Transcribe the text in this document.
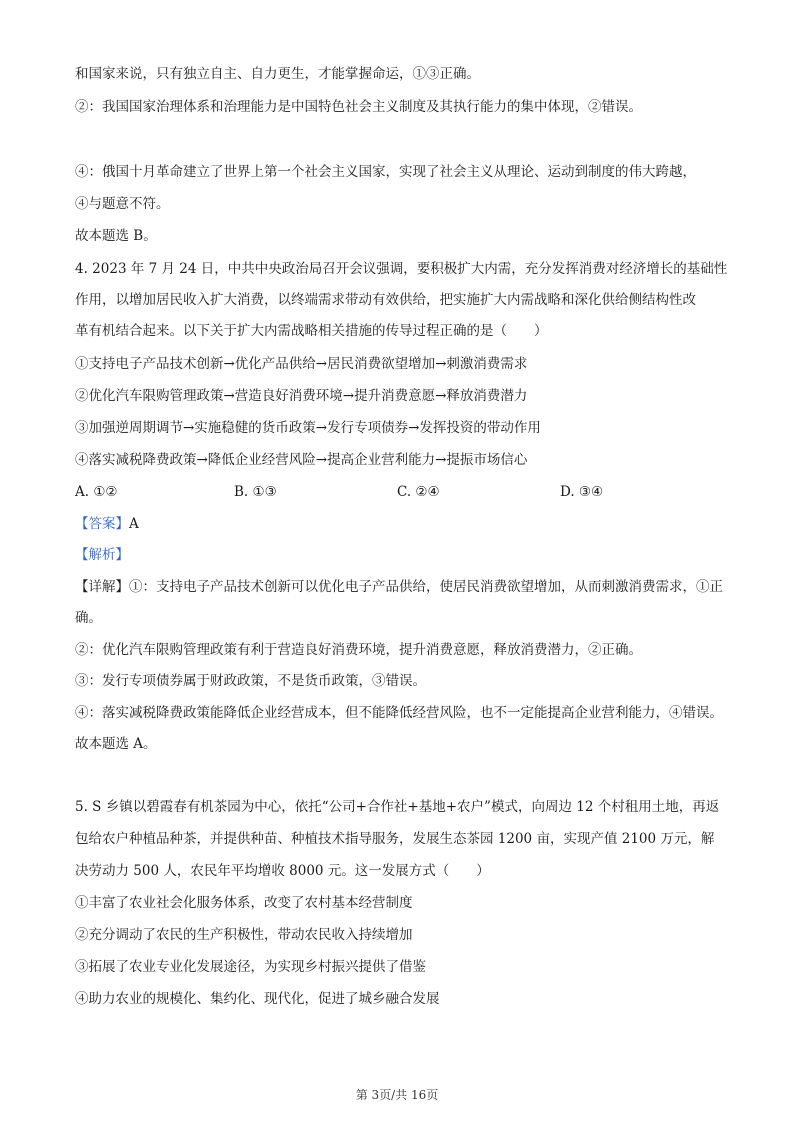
和国家来说，只有独立自主、自力更生，才能掌握命运，①③正确。
②：我国国家治理体系和治理能力是中国特色社会主义制度及其执行能力的集中体现，②错误。
④：俄国十月革命建立了世界上第一个社会主义国家，实现了社会主义从理论、运动到制度的伟大跨越，
④与题意不符。
故本题选 B。
4. 2023 年 7 月 24 日，中共中央政治局召开会议强调，要积极扩大内需，充分发挥消费对经济增长的基础性
作用，以增加居民收入扩大消费，以终端需求带动有效供给，把实施扩大内需战略和深化供给侧结构性改
革有机结合起来。以下关于扩大内需战略相关措施的传导过程正确的是（　　）
①支持电子产品技术创新→优化产品供给→居民消费欲望增加→刺激消费需求
②优化汽车限购管理政策→营造良好消费环境→提升消费意愿→释放消费潜力
③加强逆周期调节→实施稳健的货币政策→发行专项债券→发挥投资的带动作用
④落实减税降费政策→降低企业经营风险→提高企业营利能力→提振市场信心
A. ①②	B. ①③	C. ②④	D. ③④
【答案】A
【解析】
【详解】①：支持电子产品技术创新可以优化电子产品供给，使居民消费欲望增加，从而刺激消费需求，①正
确。
②：优化汽车限购管理政策有利于营造良好消费环境，提升消费意愿，释放消费潜力，②正确。
③：发行专项债券属于财政政策，不是货币政策，③错误。
④：落实减税降费政策能降低企业经营成本，但不能降低经营风险，也不一定能提高企业营利能力，④错误。
故本题选 A。
5. S 乡镇以碧霞春有机茶园为中心，依托“公司+合作社+基地+农户”模式，向周边 12 个村租用土地，再返
包给农户种植品种茶，并提供种苗、种植技术指导服务，发展生态茶园 1200 亩，实现产值 2100 万元，解
决劳动力 500 人，农民年平均增收 8000 元。这一发展方式（　　）
①丰富了农业社会化服务体系，改变了农村基本经营制度
②充分调动了农民的生产积极性，带动农民收入持续增加
③拓展了农业专业化发展途径，为实现乡村振兴提供了借鉴
④助力农业的规模化、集约化、现代化，促进了城乡融合发展
第 3页/共 16页
